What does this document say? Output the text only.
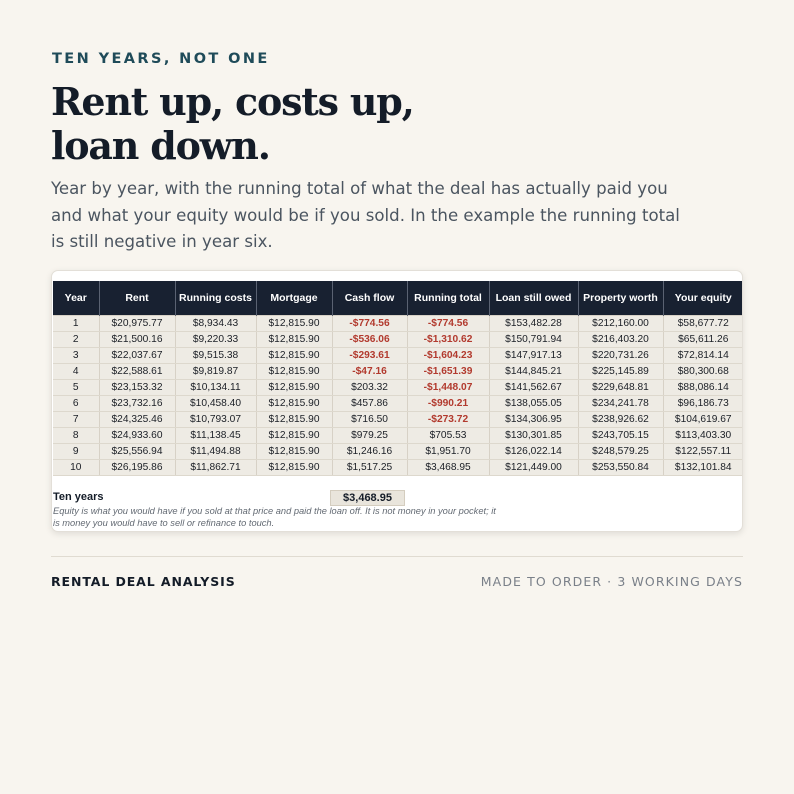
TEN YEARS, NOT ONE
Rent up, costs up,
loan down.

Year by year, with the running total of what the deal has actually paid you and what your equity would be if you sold. In the example the running total is still negative in year six.

Year	Rent	Running costs	Mortgage	Cash flow	Running total	Loan still owed	Property worth	Your equity
1	$20,975.77	$8,934.43	$12,815.90	-$774.56	-$774.56	$153,482.28	$212,160.00	$58,677.72
2	$21,500.16	$9,220.33	$12,815.90	-$536.06	-$1,310.62	$150,791.94	$216,403.20	$65,611.26
3	$22,037.67	$9,515.38	$12,815.90	-$293.61	-$1,604.23	$147,917.13	$220,731.26	$72,814.14
4	$22,588.61	$9,819.87	$12,815.90	-$47.16	-$1,651.39	$144,845.21	$225,145.89	$80,300.68
5	$23,153.32	$10,134.11	$12,815.90	$203.32	-$1,448.07	$141,562.67	$229,648.81	$88,086.14
6	$23,732.16	$10,458.40	$12,815.90	$457.86	-$990.21	$138,055.05	$234,241.78	$96,186.73
7	$24,325.46	$10,793.07	$12,815.90	$716.50	-$273.72	$134,306.95	$238,926.62	$104,619.67
8	$24,933.60	$11,138.45	$12,815.90	$979.25	$705.53	$130,301.85	$243,705.15	$113,403.30
9	$25,556.94	$11,494.88	$12,815.90	$1,246.16	$1,951.70	$126,022.14	$248,579.25	$122,557.11
10	$26,195.86	$11,862.71	$12,815.90	$1,517.25	$3,468.95	$121,449.00	$253,550.84	$132,101.84
Ten years	$3,468.95

Equity is what you would have if you sold at that price and paid the loan off. It is not money in your pocket; it is money you would have to sell or refinance to touch.

RENTAL DEAL ANALYSIS	MADE TO ORDER · 3 WORKING DAYS
